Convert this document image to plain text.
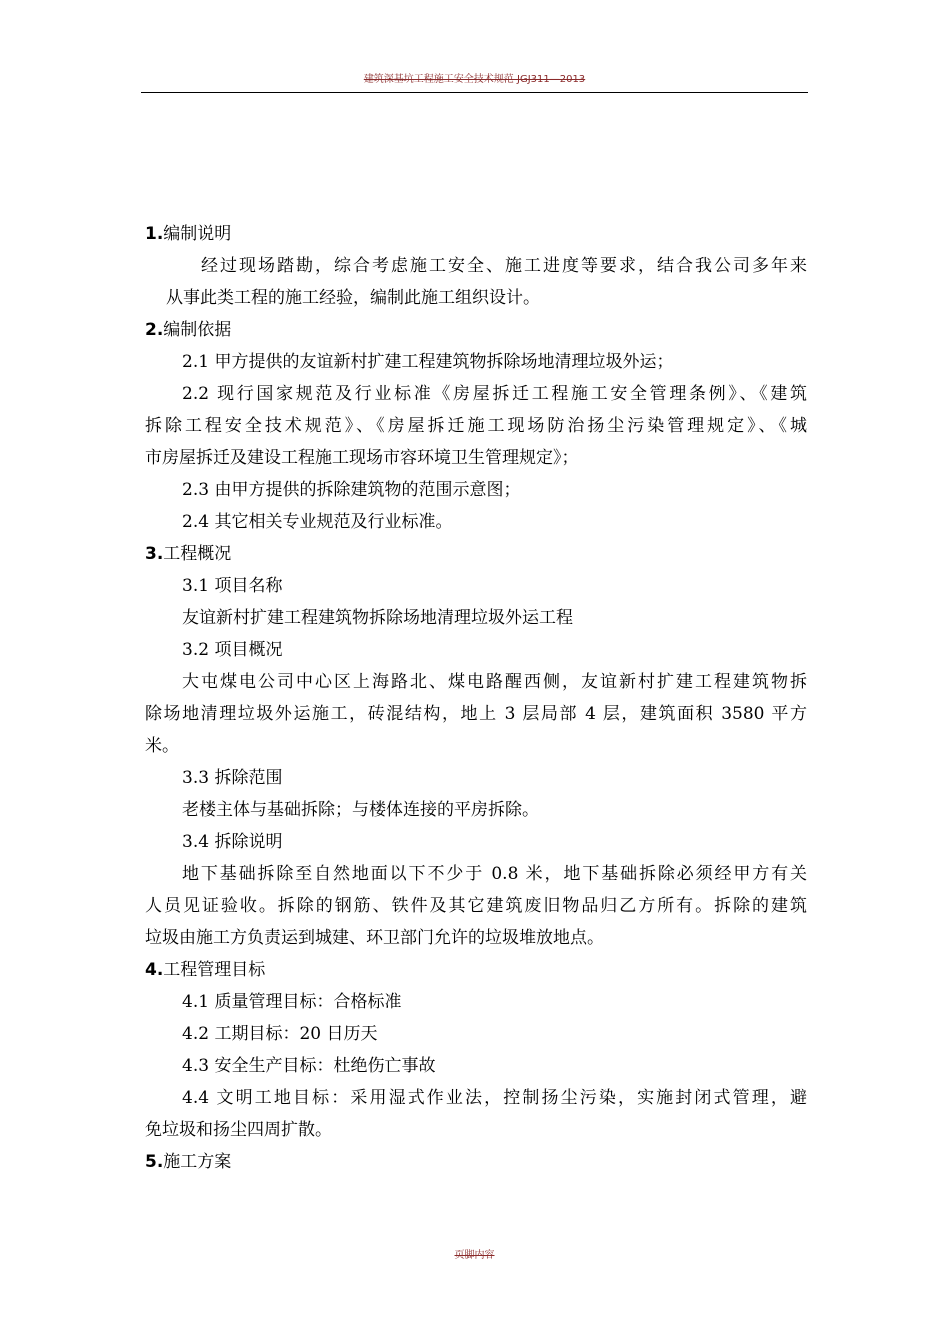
建筑深基坑工程施工安全技术规范 JGJ311—2013
1.编制说明
经过现场踏勘，综合考虑施工安全、施工进度等要求，结合我公司多年来
从事此类工程的施工经验，编制此施工组织设计。
2.编制依据
2.1 甲方提供的友谊新村扩建工程建筑物拆除场地清理垃圾外运；
2.2 现行国家规范及行业标准《房屋拆迁工程施工安全管理条例》、《建筑
拆除工程安全技术规范》、《房屋拆迁施工现场防治扬尘污染管理规定》、《城
市房屋拆迁及建设工程施工现场市容环境卫生管理规定》；
2.3 由甲方提供的拆除建筑物的范围示意图；
2.4 其它相关专业规范及行业标准。
3.工程概况
3.1 项目名称
友谊新村扩建工程建筑物拆除场地清理垃圾外运工程
3.2 项目概况
大屯煤电公司中心区上海路北、煤电路醒西侧，友谊新村扩建工程建筑物拆
除场地清理垃圾外运施工，砖混结构，地上 3 层局部 4 层，建筑面积 3580 平方
米。
3.3 拆除范围
老楼主体与基础拆除；与楼体连接的平房拆除。
3.4 拆除说明
地下基础拆除至自然地面以下不少于 0.8 米，地下基础拆除必须经甲方有关
人员见证验收。拆除的钢筋、铁件及其它建筑废旧物品归乙方所有。拆除的建筑
垃圾由施工方负责运到城建、环卫部门允许的垃圾堆放地点。
4.工程管理目标
4.1 质量管理目标：合格标准
4.2 工期目标：20 日历天
4.3 安全生产目标：杜绝伤亡事故
4.4 文明工地目标：采用湿式作业法，控制扬尘污染，实施封闭式管理，避
免垃圾和扬尘四周扩散。
5.施工方案
页脚内容
